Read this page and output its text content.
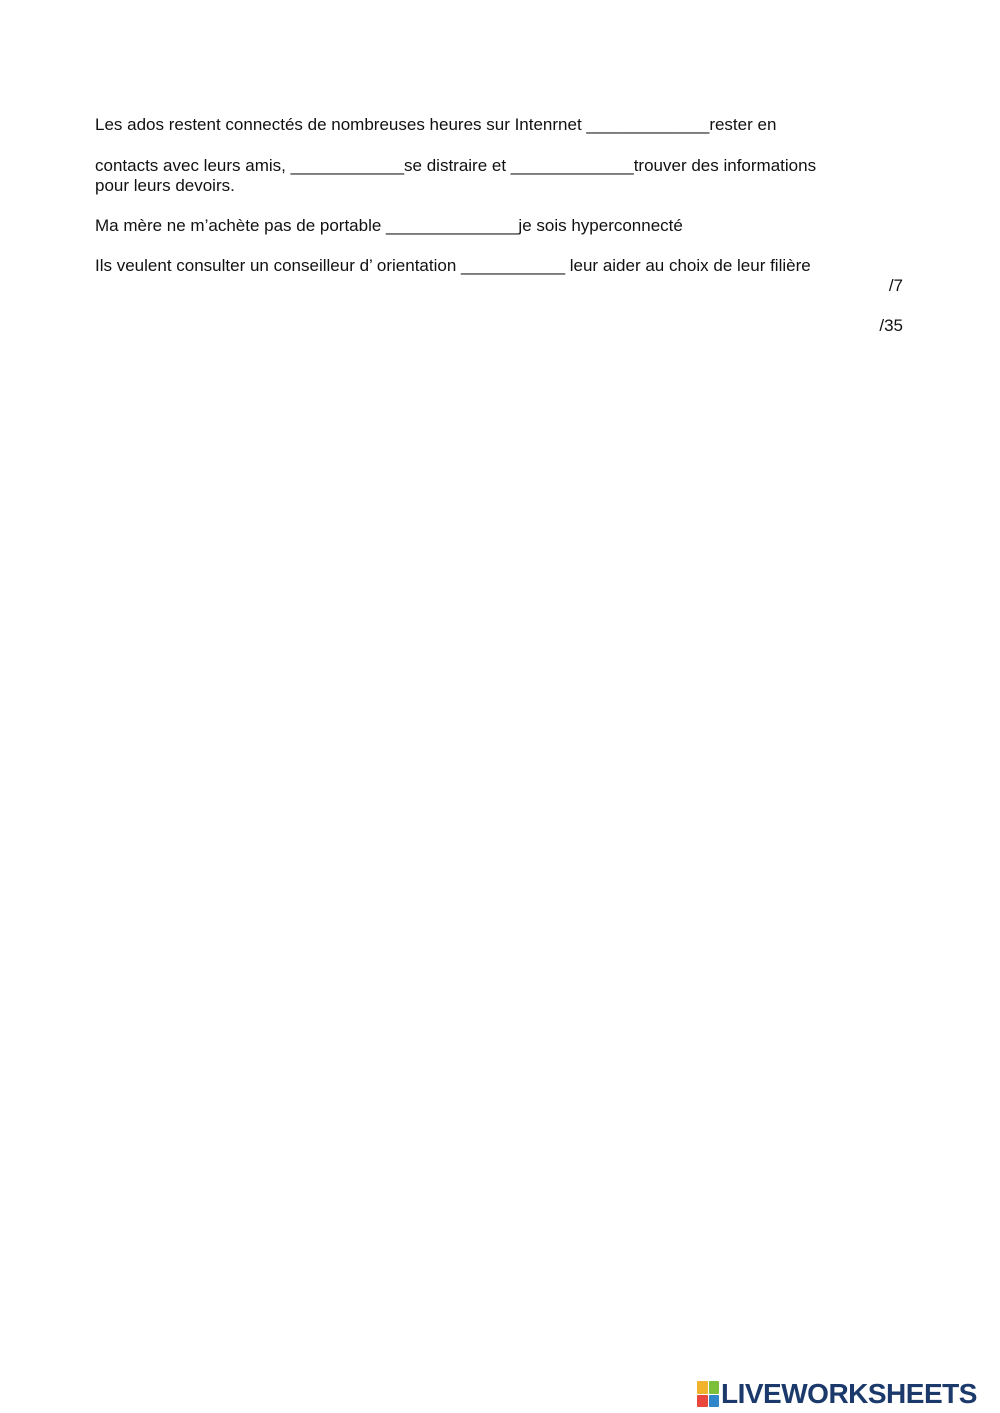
Les ados restent connectés de nombreuses heures sur Intenrnet _____________rester en
contacts avec leurs amis, ____________se distraire et _____________trouver des informations
pour leurs devoirs.
Ma mère ne m’achète pas de portable ______________je sois hyperconnecté
Ils veulent consulter un conseilleur d’ orientation ___________ leur aider au choix de leur filière
/7
/35
LIVEWORKSHEETS
